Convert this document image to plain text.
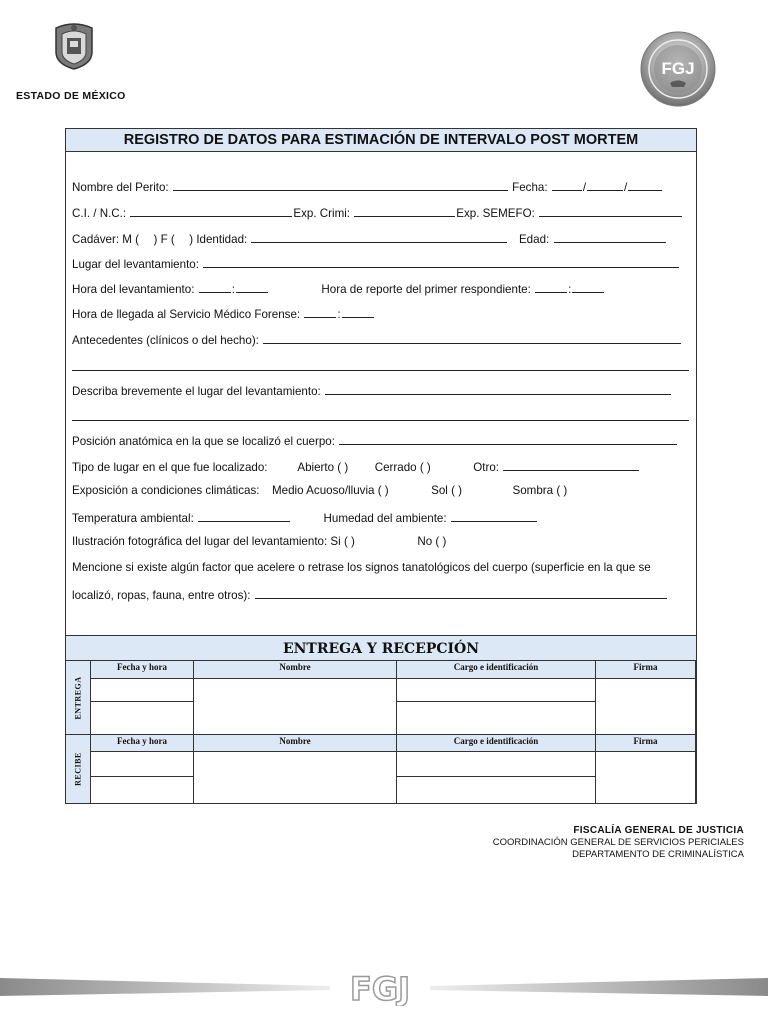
ESTADO DE MÉXICO
FGJ
REGISTRO DE DATOS PARA ESTIMACIÓN DE INTERVALO POST MORTEM
Nombre del Perito:	Fecha:	/	/
C.I. / N.C.:	Exp. Crimi:	Exp. SEMEFO:
Cadáver: M ( ) F ( ) Identidad:	Edad:
Lugar del levantamiento:
Hora del levantamiento:	:	Hora de reporte del primer respondiente:	:
Hora de llegada al Servicio Médico Forense:	:
Antecedentes (clínicos o del hecho):
Describa brevemente el lugar del levantamiento:
Posición anatómica en la que se localizó el cuerpo:
Tipo de lugar en el que fue localizado:	Abierto ( ) Cerrado ( )	Otro:
Exposición a condiciones climáticas: Medio Acuoso/lluvia ( )	Sol ( )	Sombra ( )
Temperatura ambiental:	Humedad del ambiente:
Ilustración fotográfica del lugar del levantamiento: Si ( )	No ( )
Mencione si existe algún factor que acelere o retrase los signos tanatológicos del cuerpo (superficie en la que se
localizó, ropas, fauna, entre otros):
ENTREGA Y RECEPCIÓN
ENTREGA
Fecha y hora	Nombre	Cargo e identificación	Firma
RECIBE
Fecha y hora	Nombre	Cargo e identificación	Firma
FISCALÍA GENERAL DE JUSTICIA
COORDINACIÓN GENERAL DE SERVICIOS PERICIALES
DEPARTAMENTO DE CRIMINALÍSTICA
FGJ
